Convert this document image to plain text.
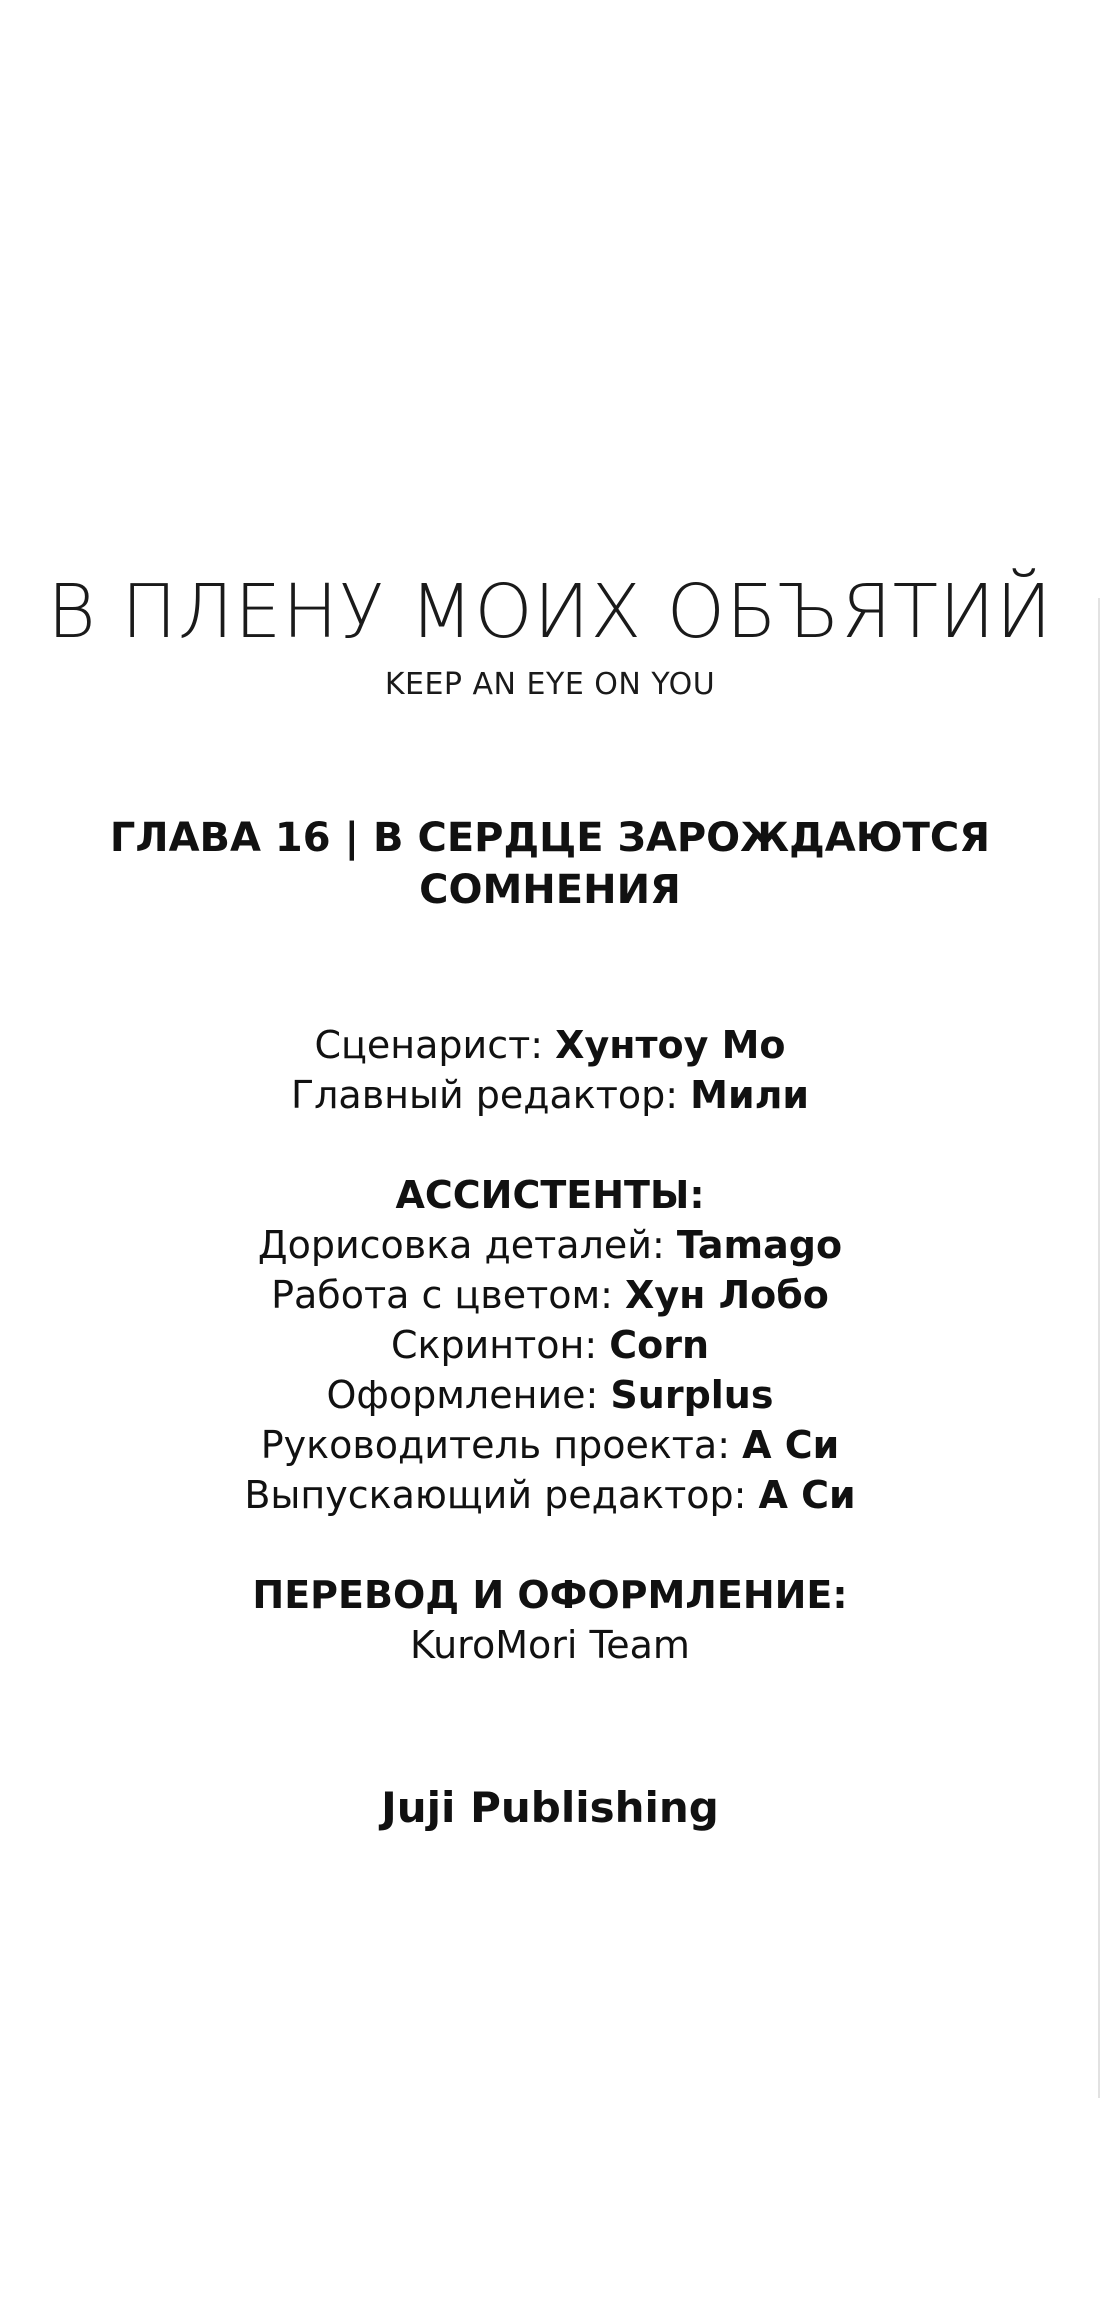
В ПЛЕНУ МОИХ ОБЪЯТИЙ
KEEP AN EYE ON YOU
ГЛАВА 16 | В СЕРДЦЕ ЗАРОЖДАЮТСЯ
СОМНЕНИЯ
Сценарист: Хунтоу Мо
Главный редактор: Мили
АССИСТЕНТЫ:
Дорисовка деталей: Tamago
Работа с цветом: Хун Лобо
Скринтон: Corn
Оформление: Surplus
Руководитель проекта: А Си
Выпускающий редактор: А Си
ПЕРЕВОД И ОФОРМЛЕНИЕ:
KuroMori Team
Juji Publishing
